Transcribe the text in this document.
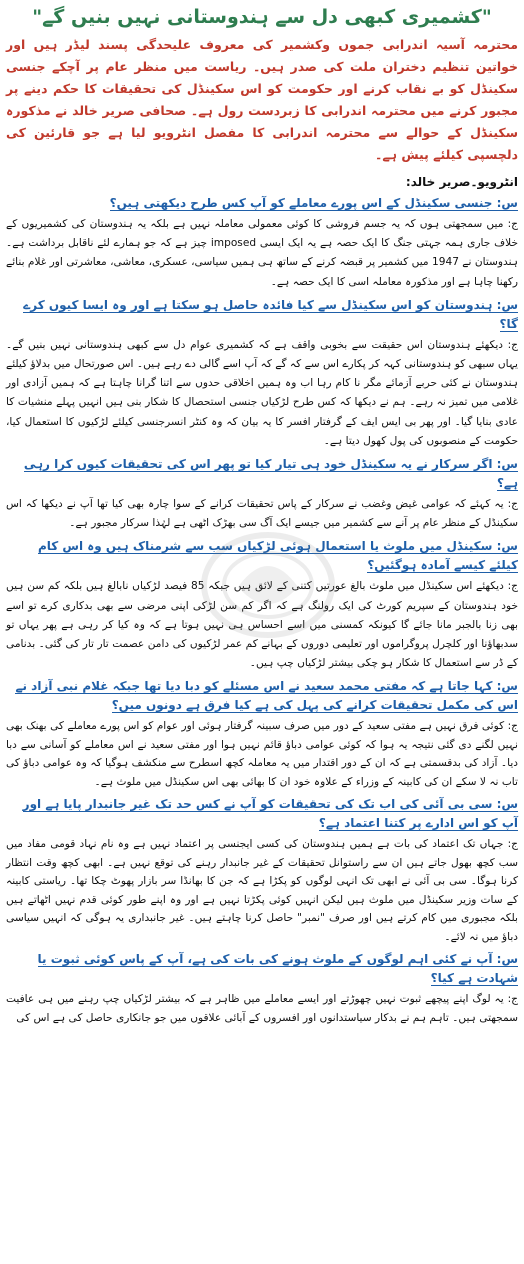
"کشمیری کبھی دل سے ہندوستانی نہیں بنیں گے"

محترمہ آسیہ اندرابی جموں وکشمیر کی معروف علیحدگی پسند لیڈر ہیں اور خواتین تنظیم دختران ملت کی صدر ہیں۔ ریاست میں منظر عام پر آچکے جنسی سکینڈل کو بے نقاب کرنے اور حکومت کو اس سکینڈل کی تحقیقات کا حکم دینے پر مجبور کرنے میں محترمہ اندرابی کا زبردست رول ہے۔ صحافی صریر خالد نے مذکورہ سکینڈل کے حوالے سے محترمہ اندرابی کا مفصل انٹرویو لیا ہے جو قارئین کی دلچسپی کیلئے پیش ہے۔

انٹرویو۔صریر خالد:

س: جنسی سکینڈل کے اس پورے معاملے کو آپ کس طرح دیکھتی ہیں؟

ج: میں سمجھتی ہوں کہ یہ جسم فروشی کا کوئی معمولی معاملہ نہیں ہے بلکہ یہ ہندوستان کی کشمیریوں کے خلاف جاری ہمہ جہتی جنگ کا ایک حصہ ہے یہ ایک ایسی imposed چیز ہے کہ جو ہمارے لئے ناقابل برداشت ہے۔ ہندوستان نے 1947 میں کشمیر پر قبضہ کرنے کے ساتھ ہی ہمیں سیاسی، عسکری، معاشی، معاشرتی اور غلام بنائے رکھنا چاہا ہے اور مذکورہ معاملہ اسی کا ایک حصہ ہے۔

س: ہندوستان کو اس سکینڈل سے کیا فائدہ حاصل ہو سکتا ہے اور وہ ایسا کیوں کرے گا؟

ج: دیکھئے ہندوستان اس حقیقت سے بخوبی واقف ہے کہ کشمیری عوام دل سے کبھی ہندوستانی نہیں بنیں گے۔ یہاں سبھی کو ہندوستانی کہہ کر پکارے اس سے کہ گے کہ آپ اسے گالی دے رہے ہیں۔ اس صورتحال میں بدلاؤ کیلئے ہندوستان نے کئی حربے آزمائے مگر نا کام رہا اب وہ ہمیں اخلاقی حدوں سے اتنا گرانا چاہتا ہے کہ ہمیں آزادی اور غلامی میں تمیز نہ رہے۔ ہم نے دیکھا کہ کس طرح لڑکیاں جنسی استحصال کا شکار بنی ہیں انہیں پہلے منشیات کا عادی بنایا گیا۔ اور پھر بی ایس ایف کے گرفتار افسر کا یہ بیان کہ وہ کنٹر انسرجنسی کیلئے لڑکیوں کا استعمال کیا، حکومت کے منصوبوں کی پول کھول دیتا ہے۔

س: اگر سرکار نے یہ سکینڈل خود ہی تیار کیا تو پھر اس کی تحقیقات کیوں کرا رہی ہے؟

ج: یہ کہئے کہ عوامی غیض وغضب نے سرکار کے پاس تحقیقات کرانے کے سوا چارہ بھی کیا تھا آپ نے دیکھا کہ اس سکینڈل کے منظر عام پر آنے سے کشمیر میں جیسے ایک آگ سی بھڑک اٹھی ہے لہٰذا سرکار مجبور ہے۔

س: سکینڈل میں ملوث یا استعمال ہوئی لڑکیاں سب سے شرمناک ہیں وہ اس کام کیلئے کیسے آمادہ ہوگئیں؟

ج: دیکھئے اس سکینڈل میں ملوث بالغ عورتیں کتنی کے لائق ہیں جبکہ 85 فیصد لڑکیاں نابالغ ہیں بلکہ کم سن ہیں خود ہندوستان کے سپریم کورٹ کی ایک رولنگ ہے کہ اگر کم سن لڑکی اپنی مرضی سے بھی بدکاری کرے تو اسے بھی زنا بالجبر مانا جائے گا کیونکہ کمسنی میں اسے احساس ہی نہیں ہوتا ہے کہ وہ کیا کر رہی ہے پھر یہاں تو سدبھاؤنا اور کلچرل پروگراموں اور تعلیمی دوروں کے بہانے کم عمر لڑکیوں کی دامن عصمت تار تار کی گئی۔ بدنامی کے ڈر سے استعمال کا شکار ہو چکی بیشتر لڑکیاں چپ ہیں۔

س: کہا جاتا ہے کہ مفتی محمد سعید نے اس مسئلے کو دبا دیا تھا جبکہ غلام نبی آزاد نے اس کی مکمل تحقیقات کرانے کی پہل کی ہے کیا فرق ہے دونوں میں؟

ج: کوئی فرق نہیں ہے مفتی سعید کے دور میں صرف سبینہ گرفتار ہوئی اور عوام کو اس پورے معاملے کی بھنک بھی نہیں لگنے دی گئی نتیجہ یہ ہوا کہ کوئی عوامی دباؤ قائم نہیں ہوا اور مفتی سعید نے اس معاملے کو آسانی سے دبا دیا۔ آزاد کی بدقسمتی ہے کہ ان کے دور اقتدار میں یہ معاملہ کچھ اسطرح سے منکشف ہوگیا کہ وہ عوامی دباؤ کی تاب نہ لا سکے ان کی کابینہ کے وزراء کے علاوہ خود ان کا بھائی بھی اس سکینڈل میں ملوث ہے۔

س: سی بی آئی کی اب تک کی تحقیقات کو آپ نے کس حد تک غیر جانبدار پایا ہے اور آپ کو اس ادارے پر کتنا اعتماد ہے؟

ج: جہاں تک اعتماد کی بات ہے ہمیں ہندوستان کی کسی ایجنسی پر اعتماد نہیں ہے وہ نام نہاد قومی مفاد میں سب کچھ بھول جاتے ہیں ان سے راستوانل تحقیقات کے غیر جانبدار رہنے کی توقع نہیں ہے۔ ابھی کچھ وقت انتظار کرنا ہوگا۔ سی بی آئی نے ابھی تک انہی لوگوں کو پکڑا ہے کہ جن کا بھانڈا سر بازار پھوٹ چکا تھا۔ ریاستی کابینہ کے سات وزیر سکینڈل میں ملوث ہیں لیکن انہیں کوئی پکڑتا نہیں ہے اور وہ اپنے طور کوئی قدم نہیں اٹھاتے ہیں بلکہ مجبوری میں کام کرتے ہیں اور صرف "نمبر" حاصل کرنا چاہتے ہیں۔ غیر جانبداری یہ ہوگی کہ انہیں سیاسی دباؤ میں نہ لائے۔

س: آپ نے کئی اہم لوگوں کے ملوث ہونے کی بات کی ہے، آپ کے پاس کوئی ثبوت یا شہادت ہے کیا؟

ج: یہ لوگ اپنے پیچھے ثبوت نہیں چھوڑتے اور ایسے معاملے میں ظاہر ہے کہ بیشتر لڑکیاں چپ رہنے میں ہی عافیت سمجھتی ہیں۔ تاہم ہم نے بدکار سیاستدانوں اور افسروں کے آبائی علاقوں میں جو جانکاری حاصل کی ہے اس کی
